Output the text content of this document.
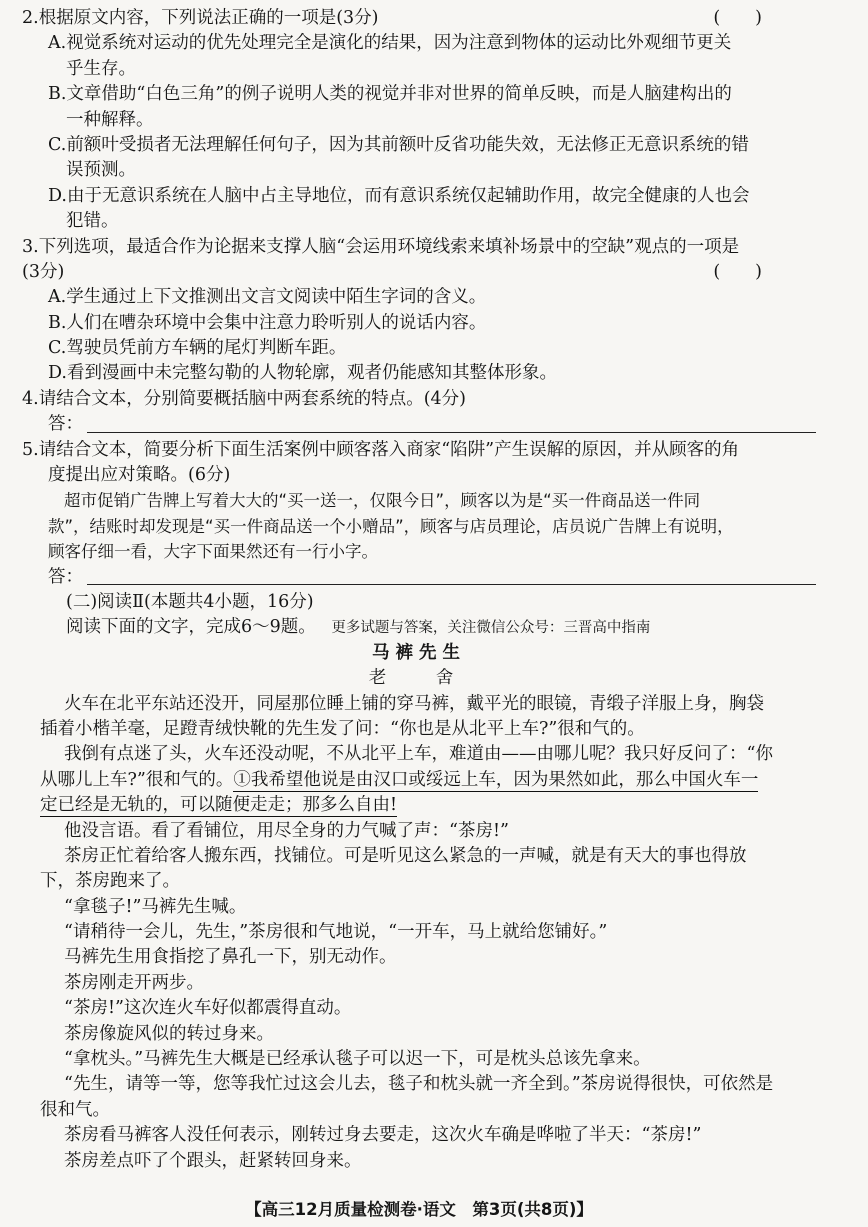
2.根据原文内容，下列说法正确的一项是(3分)	(　　)
A.视觉系统对运动的优先处理完全是演化的结果，因为注意到物体的运动比外观细节更关
乎生存。
B.文章借助“白色三角”的例子说明人类的视觉并非对世界的简单反映，而是人脑建构出的
一种解释。
C.前额叶受损者无法理解任何句子，因为其前额叶反省功能失效，无法修正无意识系统的错
误预测。
D.由于无意识系统在人脑中占主导地位，而有意识系统仅起辅助作用，故完全健康的人也会
犯错。
3.下列选项，最适合作为论据来支撑人脑“会运用环境线索来填补场景中的空缺”观点的一项是
(3分)	(　　)
A.学生通过上下文推测出文言文阅读中陌生字词的含义。
B.人们在嘈杂环境中会集中注意力聆听别人的说话内容。
C.驾驶员凭前方车辆的尾灯判断车距。
D.看到漫画中未完整勾勒的人物轮廓，观者仍能感知其整体形象。
4.请结合文本，分别简要概括脑中两套系统的特点。(4分)
答：
5.请结合文本，简要分析下面生活案例中顾客落入商家“陷阱”产生误解的原因，并从顾客的角
度提出应对策略。(6分)
超市促销广告牌上写着大大的“买一送一，仅限今日”，顾客以为是“买一件商品送一件同
款”，结账时却发现是“买一件商品送一个小赠品”，顾客与店员理论，店员说广告牌上有说明，
顾客仔细一看，大字下面果然还有一行小字。
答：
(二)阅读Ⅱ(本题共4小题，16分)
阅读下面的文字，完成6～9题。 更多试题与答案，关注微信公众号：三晋高中指南
马裤先生
老　舍
火车在北平东站还没开，同屋那位睡上铺的穿马裤，戴平光的眼镜，青缎子洋服上身，胸袋
插着小楷羊毫，足蹬青绒快靴的先生发了问：“你也是从北平上车?”很和气的。
我倒有点迷了头，火车还没动呢，不从北平上车，难道由——由哪儿呢？我只好反问了：“你
从哪儿上车?”很和气的。①我希望他说是由汉口或绥远上车，因为果然如此，那么中国火车一
定已经是无轨的，可以随便走走；那多么自由!
他没言语。看了看铺位，用尽全身的力气喊了声：“茶房!”
茶房正忙着给客人搬东西，找铺位。可是听见这么紧急的一声喊，就是有天大的事也得放
下，茶房跑来了。
“拿毯子!”马裤先生喊。
“请稍待一会儿，先生，”茶房很和气地说，“一开车，马上就给您铺好。”
马裤先生用食指挖了鼻孔一下，别无动作。
茶房刚走开两步。
“茶房!”这次连火车好似都震得直动。
茶房像旋风似的转过身来。
“拿枕头。”马裤先生大概是已经承认毯子可以迟一下，可是枕头总该先拿来。
“先生，请等一等，您等我忙过这会儿去，毯子和枕头就一齐全到。”茶房说得很快，可依然是
很和气。
茶房看马裤客人没任何表示，刚转过身去要走，这次火车确是哗啦了半天：“茶房!”
茶房差点吓了个跟头，赶紧转回身来。
【高三12月质量检测卷·语文　第3页(共8页)】
